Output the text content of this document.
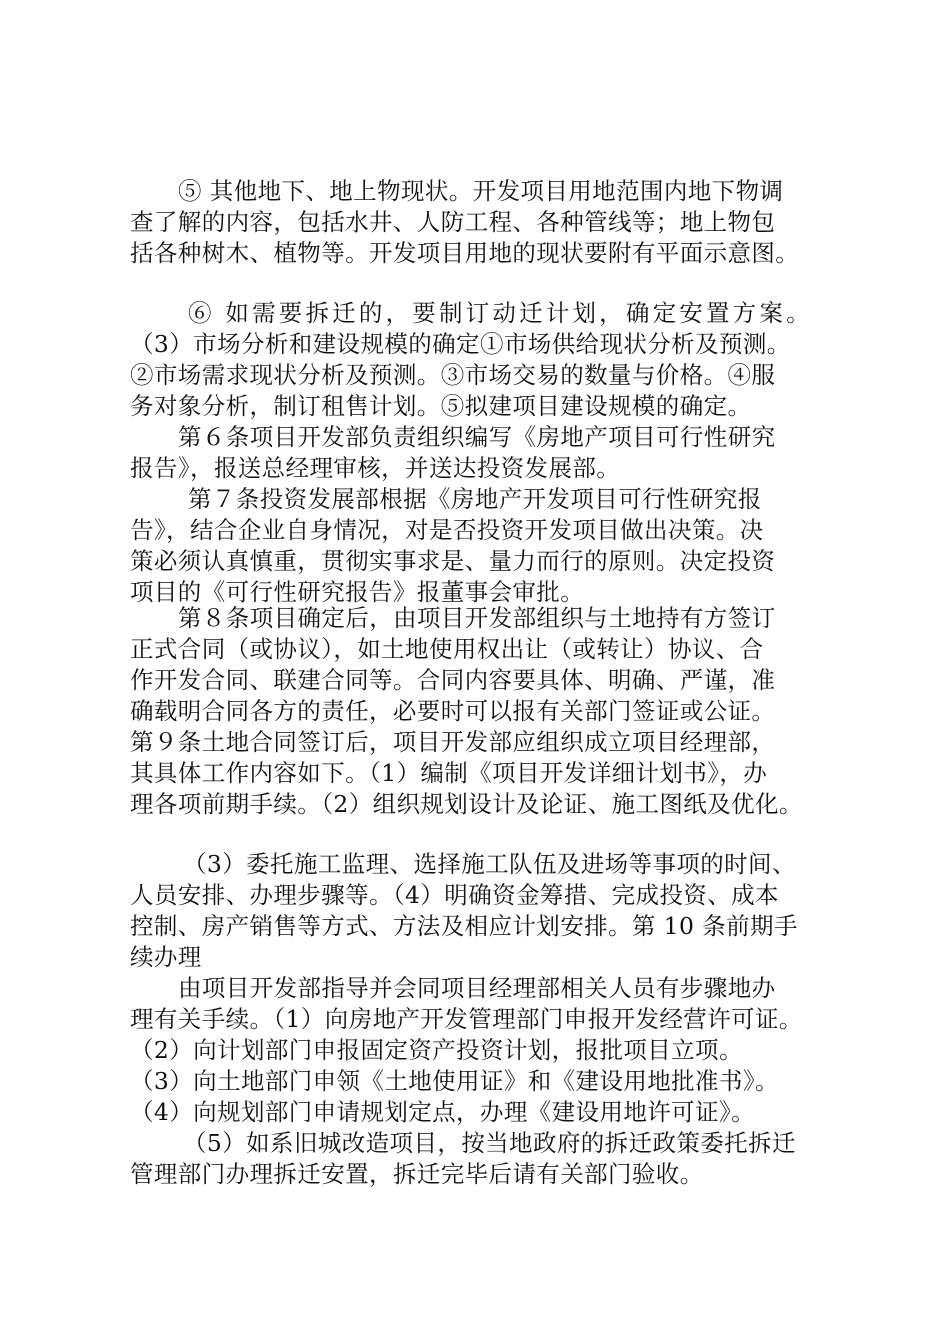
⑤ 其他地下、地上物现状。开发项目用地范围内地下物调
查了解的内容，包括水井、人防工程、各种管线等；地上物包
括各种树木、植物等。开发项目用地的现状要附有平面示意图。
⑥ 如需要拆迁的，要制订动迁计划，确定安置方案。
（3）市场分析和建设规模的确定①市场供给现状分析及预测。
②市场需求现状分析及预测。③市场交易的数量与价格。④服
务对象分析，制订租售计划。⑤拟建项目建设规模的确定。
第６条项目开发部负责组织编写《房地产项目可行性研究
报告》，报送总经理审核，并送达投资发展部。
第７条投资发展部根据《房地产开发项目可行性研究报
告》，结合企业自身情况，对是否投资开发项目做出决策。决
策必须认真慎重，贯彻实事求是、量力而行的原则。决定投资
项目的《可行性研究报告》报董事会审批。
第８条项目确定后，由项目开发部组织与土地持有方签订
正式合同（或协议），如土地使用权出让（或转让）协议、合
作开发合同、联建合同等。合同内容要具体、明确、严谨，准
确载明合同各方的责任，必要时可以报有关部门签证或公证。
第９条土地合同签订后，项目开发部应组织成立项目经理部，
其具体工作内容如下。（1）编制《项目开发详细计划书》，办
理各项前期手续。（2）组织规划设计及论证、施工图纸及优化。
（3）委托施工监理、选择施工队伍及进场等事项的时间、
人员安排、办理步骤等。（4）明确资金筹措、完成投资、成本
控制、房产销售等方式、方法及相应计划安排。第 10 条前期手
续办理
由项目开发部指导并会同项目经理部相关人员有步骤地办
理有关手续。（1）向房地产开发管理部门申报开发经营许可证。
（2）向计划部门申报固定资产投资计划，报批项目立项。
（3）向土地部门申领《土地使用证》和《建设用地批准书》。
（4）向规划部门申请规划定点，办理《建设用地许可证》。
（5）如系旧城改造项目，按当地政府的拆迁政策委托拆迁
管理部门办理拆迁安置，拆迁完毕后请有关部门验收。
